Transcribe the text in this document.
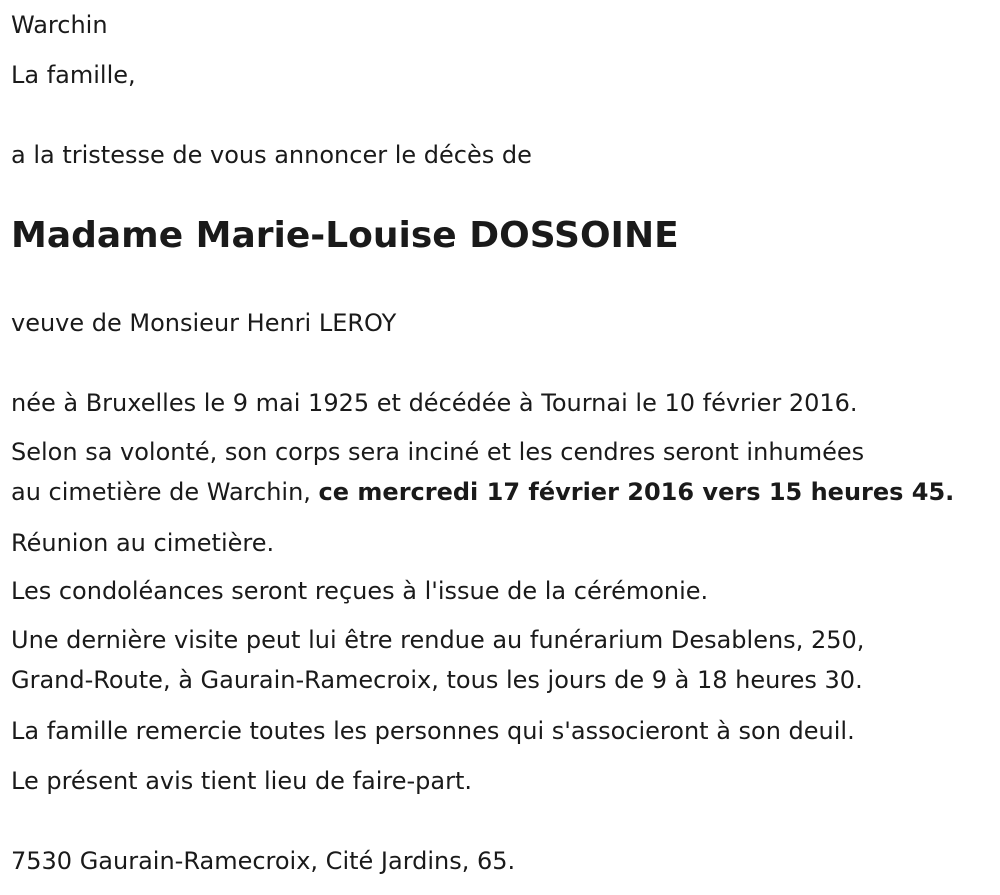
Warchin

La famille,

a la tristesse de vous annoncer le décès de

Madame Marie-Louise DOSSOINE

veuve de Monsieur Henri LEROY

née à Bruxelles le 9 mai 1925 et décédée à Tournai le 10 février 2016.

Selon sa volonté, son corps sera inciné et les cendres seront inhumées
au cimetière de Warchin, ce mercredi 17 février 2016 vers 15 heures 45.

Réunion au cimetière.

Les condoléances seront reçues à l'issue de la cérémonie.

Une dernière visite peut lui être rendue au funérarium Desablens, 250,
Grand-Route, à Gaurain-Ramecroix, tous les jours de 9 à 18 heures 30.

La famille remercie toutes les personnes qui s'associeront à son deuil.

Le présent avis tient lieu de faire-part.

7530 Gaurain-Ramecroix, Cité Jardins, 65.
